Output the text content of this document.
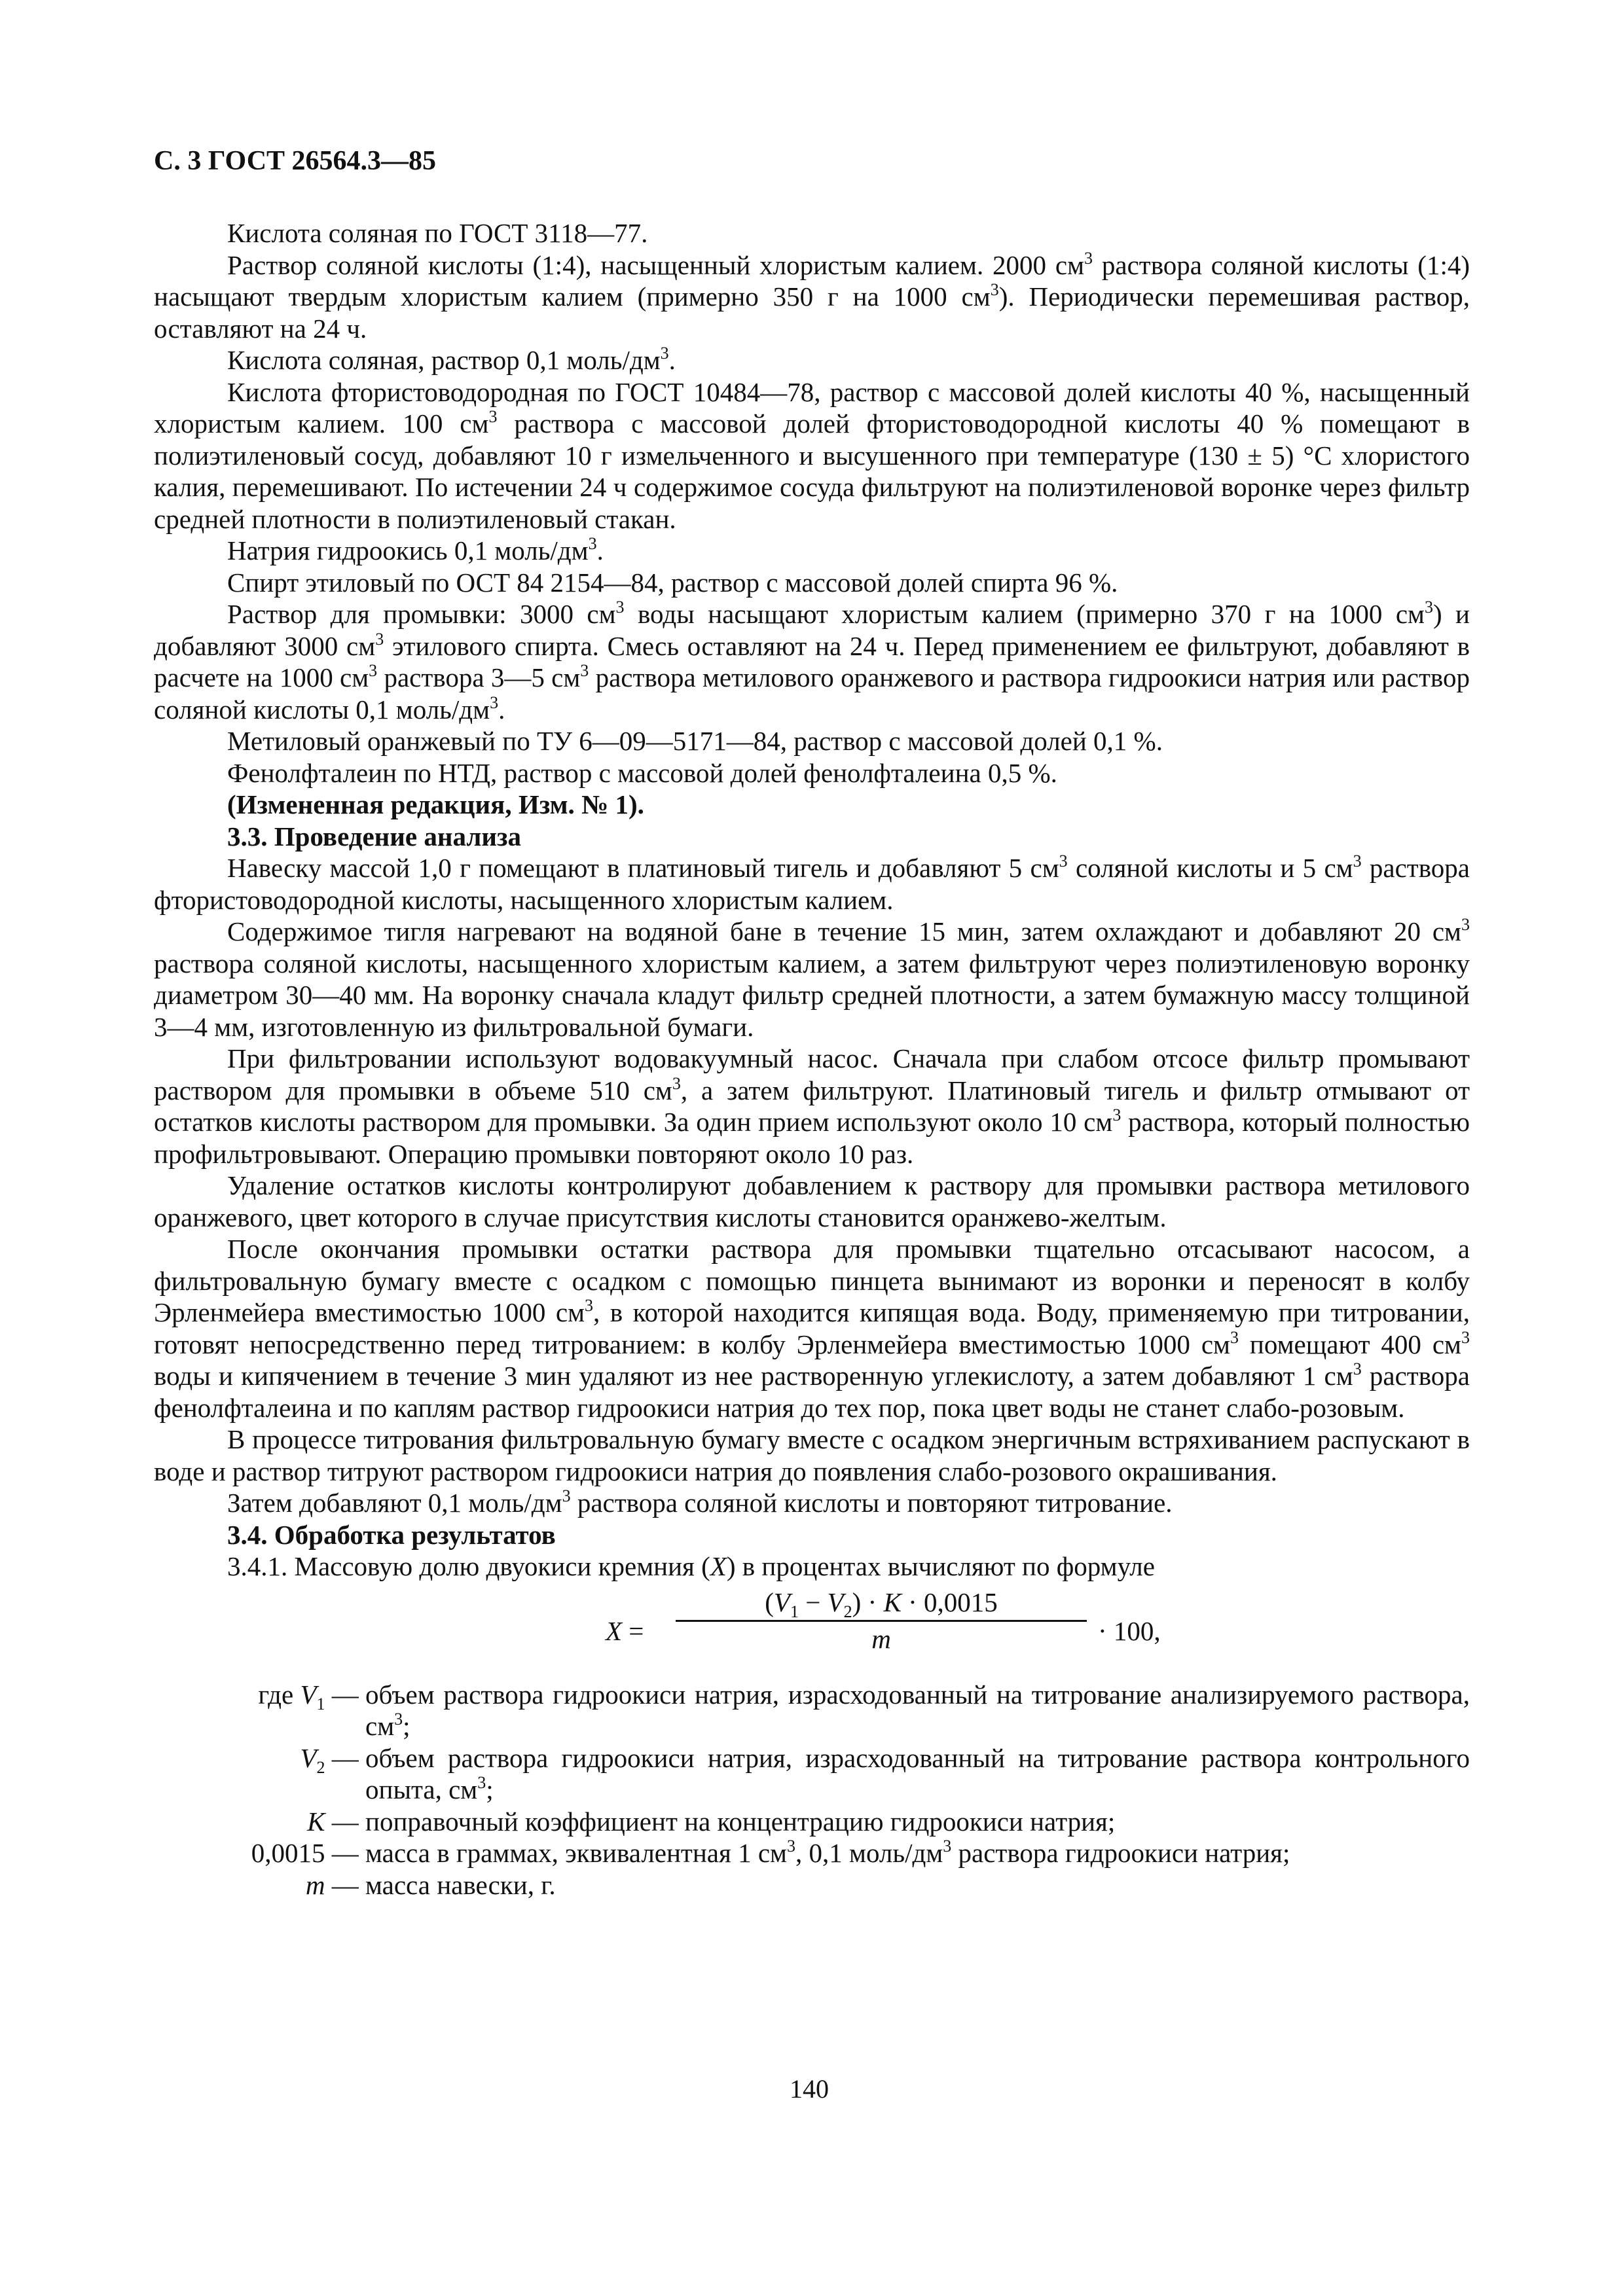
С. 3 ГОСТ 26564.3—85

Кислота соляная по ГОСТ 3118—77.

Раствор соляной кислоты (1:4), насыщенный хлористым калием. 2000 $см^3$ раствора соляной кислоты (1:4) насыщают твердым хлористым калием (примерно 350 г на 1000 $см^3$). Периодически перемешивая раствор, оставляют на 24 ч.

Кислота соляная, раствор 0,1 моль/$дм^3$.

Кислота фтористоводородная по ГОСТ 10484—78, раствор с массовой долей кислоты 40 %, насыщенный хлористым калием. 100 $см^3$ раствора с массовой долей фтористоводородной кислоты 40 % помещают в полиэтиленовый сосуд, добавляют 10 г измельченного и высушенного при температуре (130 ± 5) °С хлористого калия, перемешивают. По истечении 24 ч содержимое сосуда фильтруют на полиэтиленовой воронке через фильтр средней плотности в полиэтиленовый стакан.

Натрия гидроокись 0,1 моль/$дм^3$.

Спирт этиловый по ОСТ 84 2154—84, раствор с массовой долей спирта 96 %.

Раствор для промывки: 3000 $см^3$ воды насыщают хлористым калием (примерно 370 г на 1000 $см^3$) и добавляют 3000 $см^3$ этилового спирта. Смесь оставляют на 24 ч. Перед применением ее фильтруют, добавляют в расчете на 1000 $см^3$ раствора 3—5 $см^3$ раствора метилового оранжевого и раствора гидроокиси натрия или раствор соляной кислоты 0,1 моль/$дм^3$.

Метиловый оранжевый по ТУ 6—09—5171—84, раствор с массовой долей 0,1 %.

Фенолфталеин по НТД, раствор с массовой долей фенолфталеина 0,5 %.

(Измененная редакция, Изм. № 1).

3.3. Проведение анализа

Навеску массой 1,0 г помещают в платиновый тигель и добавляют 5 $см^3$ соляной кислоты и 5 $см^3$ раствора фтористоводородной кислоты, насыщенного хлористым калием.

Содержимое тигля нагревают на водяной бане в течение 15 мин, затем охлаждают и добавляют 20 $см^3$ раствора соляной кислоты, насыщенного хлористым калием, а затем фильтруют через полиэтиленовую воронку диаметром 30—40 мм. На воронку сначала кладут фильтр средней плотности, а затем бумажную массу толщиной 3—4 мм, изготовленную из фильтровальной бумаги.

При фильтровании используют водовакуумный насос. Сначала при слабом отсосе фильтр промывают раствором для промывки в объеме 510 $см^3$, а затем фильтруют. Платиновый тигель и фильтр отмывают от остатков кислоты раствором для промывки. За один прием используют около 10 $см^3$ раствора, который полностью профильтровывают. Операцию промывки повторяют около 10 раз.

Удаление остатков кислоты контролируют добавлением к раствору для промывки раствора метилового оранжевого, цвет которого в случае присутствия кислоты становится оранжево-желтым.

После окончания промывки остатки раствора для промывки тщательно отсасывают насосом, а фильтровальную бумагу вместе с осадком с помощью пинцета вынимают из воронки и переносят в колбу Эрленмейера вместимостью 1000 $см^3$, в которой находится кипящая вода. Воду, применяемую при титровании, готовят непосредственно перед титрованием: в колбу Эрленмейера вместимостью 1000 $см^3$ помещают 400 $см^3$ воды и кипячением в течение 3 мин удаляют из нее растворенную углекислоту, а затем добавляют 1 $см^3$ раствора фенолфталеина и по каплям раствор гидроокиси натрия до тех пор, пока цвет воды не станет слабо-розовым.

В процессе титрования фильтровальную бумагу вместе с осадком энергичным встряхиванием распускают в воде и раствор титруют раствором гидроокиси натрия до появления слабо-розового окрашивания.

Затем добавляют 0,1 моль/$дм^3$ раствора соляной кислоты и повторяют титрование.

3.4. Обработка результатов

3.4.1. Массовую долю двуокиси кремния (X) в процентах вычисляют по формуле

X =
$(V_1 - V_2) \cdot K \cdot 0,0015$
m	· 100,
где $V_1$ — объем раствора гидроокиси натрия, израсходованный на титрование анализируемого раствора, $см^3$;
$V_2$ — объем раствора гидроокиси натрия, израсходованный на титрование раствора контрольного опыта, $см^3$;
K — поправочный коэффициент на концентрацию гидроокиси натрия;
0,0015 — масса в граммах, эквивалентная 1 $см^3$, 0,1 моль/$дм^3$ раствора гидроокиси натрия;
m — масса навески, г.
140
